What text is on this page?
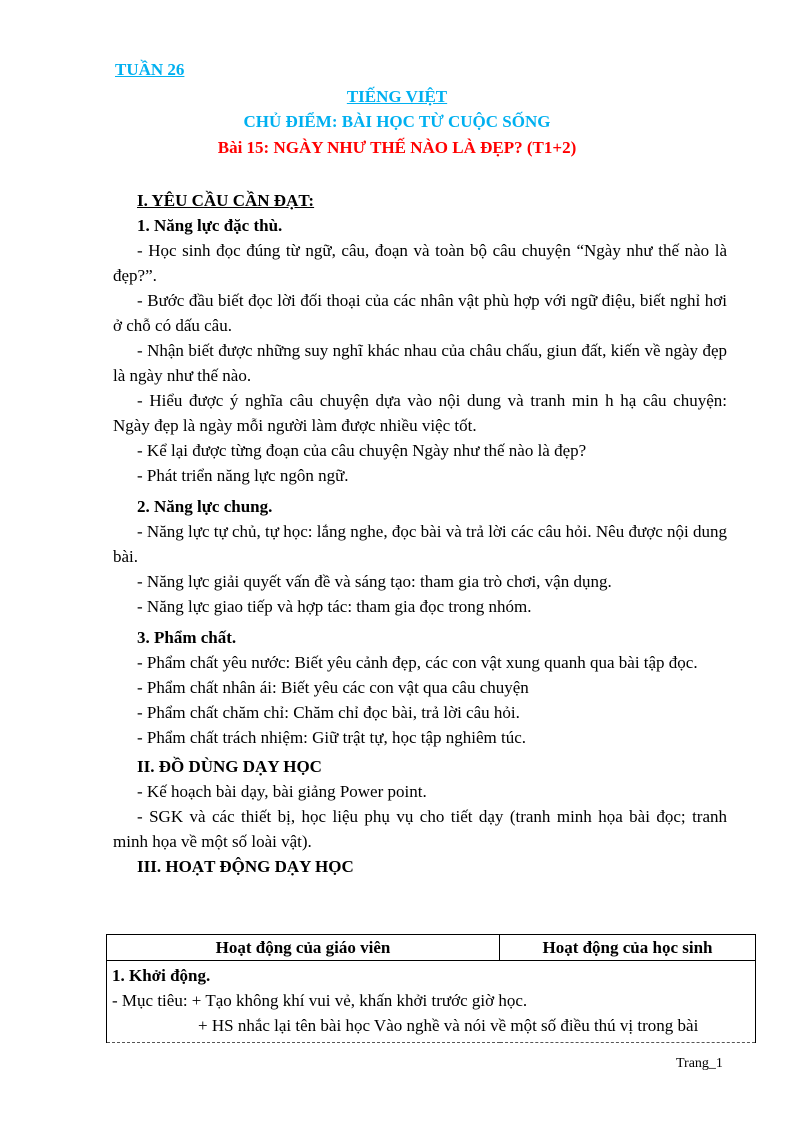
TUẦN 26
TIẾNG VIỆT
CHỦ ĐIỂM: BÀI HỌC TỪ CUỘC SỐNG
Bài 15: NGÀY NHƯ THẾ NÀO LÀ ĐẸP? (T1+2)
I. YÊU CẦU CẦN ĐẠT:
1. Năng lực đặc thù.
- Học sinh đọc đúng từ ngữ, câu, đoạn và toàn bộ câu chuyện “Ngày như thế nào là đẹp?”.
- Bước đầu biết đọc lời đối thoại của các nhân vật phù hợp với ngữ điệu, biết nghỉ hơi ở chỗ có dấu câu.
- Nhận biết được những suy nghĩ khác nhau của châu chấu, giun đất, kiến về ngày đẹp là ngày như thế nào.
- Hiểu được ý nghĩa câu chuyện dựa vào nội dung và tranh min h hạ câu chuyện: Ngày đẹp là ngày mỗi người làm được nhiều việc tốt.
- Kể lại được từng đoạn của câu chuyện Ngày như thế nào là đẹp?
- Phát triển năng lực ngôn ngữ.
2. Năng lực chung.
- Năng lực tự chủ, tự học: lắng nghe, đọc bài và trả lời các câu hỏi. Nêu được nội dung bài.
- Năng lực giải quyết vấn đề và sáng tạo: tham gia trò chơi, vận dụng.
- Năng lực giao tiếp và hợp tác: tham gia đọc trong nhóm.
3. Phẩm chất.
- Phẩm chất yêu nước: Biết yêu cảnh đẹp, các con vật xung quanh qua bài tập đọc.
- Phẩm chất nhân ái: Biết yêu các con vật qua câu chuyện
- Phẩm chất chăm chỉ: Chăm chỉ đọc bài, trả lời câu hỏi.
- Phẩm chất trách nhiệm: Giữ trật tự, học tập nghiêm túc.
II. ĐỒ DÙNG DẠY HỌC
- Kế hoạch bài dạy, bài giảng Power point.
- SGK và các thiết bị, học liệu phụ vụ cho tiết dạy (tranh minh họa bài đọc; tranh minh họa về một số loài vật).
III. HOẠT ĐỘNG DẠY HỌC
Hoạt động của giáo viên	Hoạt động của học sinh

1. Khởi động.
- Mục tiêu: + Tạo không khí vui vẻ, khấn khởi trước giờ học.
+ HS nhắc lại tên bài học Vào nghề và nói về một số điều thú vị trong bài
Trang_1
